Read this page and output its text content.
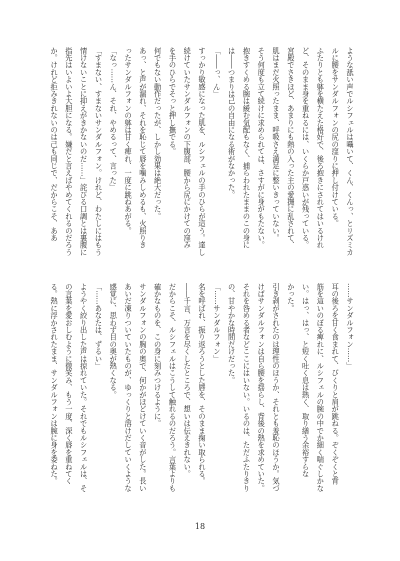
ような舐い声でルシフェルは囁いて、くん、くんっ、とリズミカ
ルに腰をサンダルフォンの尻の窪りに押し付けている。
ふたりとも躰を横たえた格好で、後ろ抱きにされてはいるけれ
ど、そのまま身を重ねるには、いくらか戸惑いが残っている。
宮殿でさきほど、あまりにも熱の入った主の愛撫に乱されて、
肌はまだ火照ったまま、呼吸さえ満足に整いきっていない。
そう何度も立て続けに求められては、さすがに身がもたない。
抱きすくめる腕は緩む気配もなく、捕らわれたままのこの身に
は――つまりは己の自由になる術がなかった。
「――っ、ん」
すっかり敏感になった肌を、ルシフェルの手のひらが這う。達し
続けていたサンダルフォンの下腹部、腰から尻にかけての窪み
を手のひらでそっと押し撫でる。
何でもない動作だったが、しかし効果は絶大だった。
あっ、と声が漏れ、それを恥じて唇を噛みしめるも、火照りき
ったサンダルフォンの躰は甘く痺れ、一度に跳ねあがる。
「なっ……ん、それ、やめるって、言った」
「すまない、すまないサンダルフォン。けれど、わたしにはもう
情けないことに抑えがきかないのだ……」詫びる口調とは裏腹に
指先はいよいよ大胆になる。嫌だと言えばやめてくれるのだろう
か。けれど拒みきれないのは己も同じで、だからこそ、ああ
……サンダルフォン……」
耳の後ろを甘く食まれて、びくりと肩が跳ねる。ぞくぞくと背
筋を這いのぼる痺れに、ルシフェルの腕の中でか細く喘ぐしかな
い。はっ、はっ、と短く吐く息は熱く、取り繕う余裕すらな
かった。
引き剥がされたのは理性のほうか、それとも羞恥のほうか。気づ
けばサンダルフォンは自ら腰を揺らし、背後の熱を求めていた。
それを咎める者などここにはいない。いるのは、ただふたりきり
の、甘やかな時間だけだった。
「……サンダルフォン」
名を呼ばれ、振り返ろうとした唇を、そのまま掬い取られる。
――千言、万言を尽くしたところで、想いは伝えきれない。
だからこそ、ルシフェルはこうして触れるのだろう。言葉よりも
確かなものを、この身に刻みつけるように。
サンダルフォンの胸の奥で、何かがほどけていく音がした。長い
あいだ凍りついていたものが、ゆっくりと溶けだしていくような
感覚に、思わず目の奥が熱くなる。
「……あなたは、ずるい」
ようやく絞り出した声は掠れていた。それでもルシフェルは、そ
の言葉を愛おしむように微笑み、もう一度、深く唇を重ねてく
る。熱に浮かされたまま、サンダルフォンは腕に身を委ねた。
18
